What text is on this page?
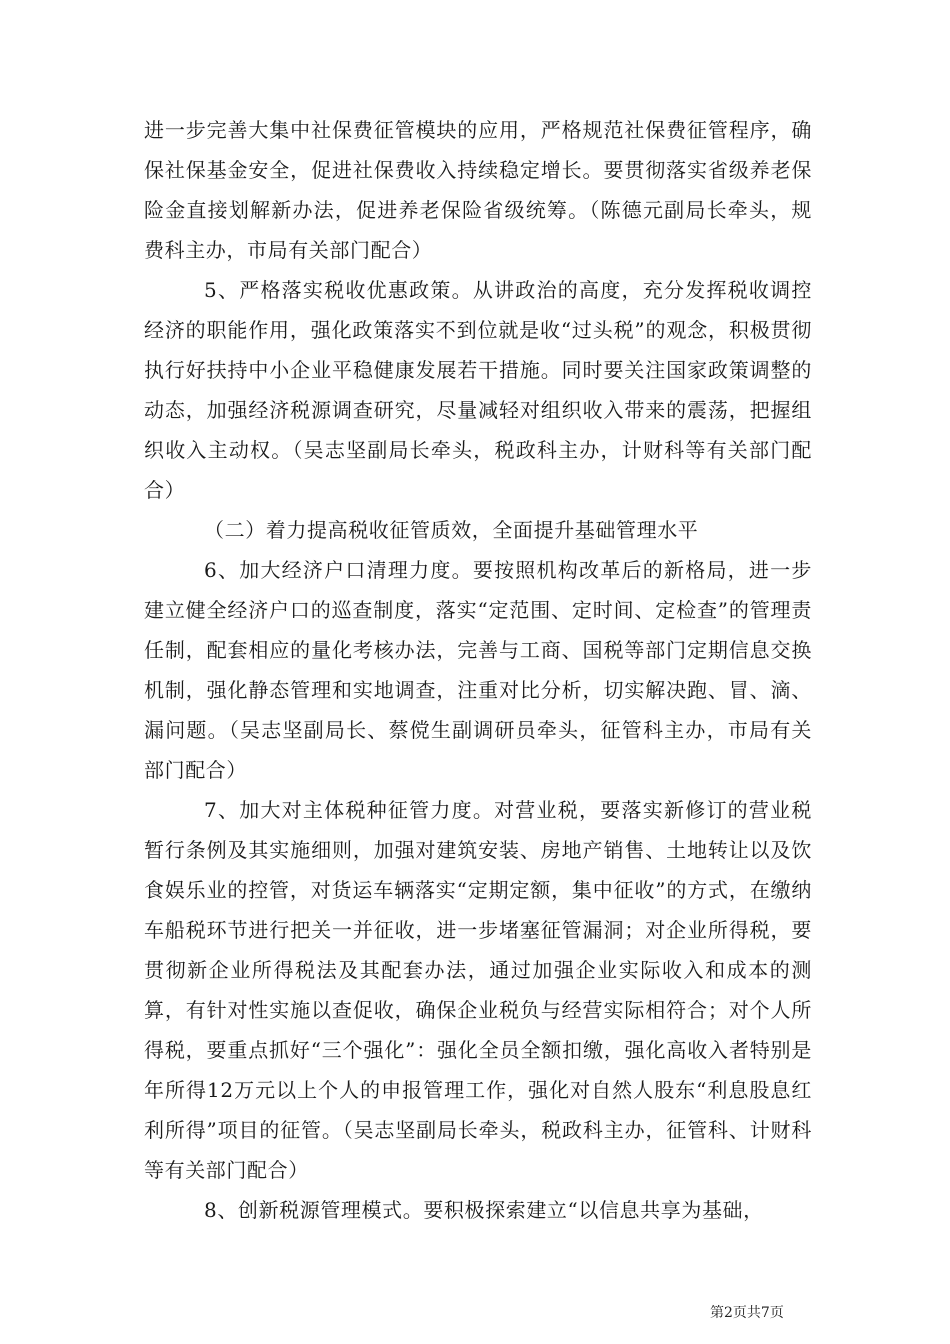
进一步完善大集中社保费征管模块的应用，严格规范社保费征管程序，确保社保基金安全，促进社保费收入持续稳定增长。要贯彻落实省级养老保险金直接划解新办法，促进养老保险省级统筹。（陈德元副局长牵头，规费科主办，市局有关部门配合）

5、严格落实税收优惠政策。从讲政治的高度，充分发挥税收调控经济的职能作用，强化政策落实不到位就是收“过头税”的观念，积极贯彻执行好扶持中小企业平稳健康发展若干措施。同时要关注国家政策调整的动态，加强经济税源调查研究，尽量减轻对组织收入带来的震荡，把握组织收入主动权。（吴志坚副局长牵头，税政科主办，计财科等有关部门配合）

（二）着力提高税收征管质效，全面提升基础管理水平

6、加大经济户口清理力度。要按照机构改革后的新格局，进一步建立健全经济户口的巡查制度，落实“定范围、定时间、定检查”的管理责任制，配套相应的量化考核办法，完善与工商、国税等部门定期信息交换机制，强化静态管理和实地调查，注重对比分析，切实解决跑、冒、滴、漏问题。（吴志坚副局长、蔡傥生副调研员牵头，征管科主办，市局有关部门配合）

7、加大对主体税种征管力度。对营业税，要落实新修订的营业税暂行条例及其实施细则，加强对建筑安装、房地产销售、土地转让以及饮食娱乐业的控管，对货运车辆落实“定期定额，集中征收”的方式，在缴纳车船税环节进行把关一并征收，进一步堵塞征管漏洞；对企业所得税，要贯彻新企业所得税法及其配套办法，通过加强企业实际收入和成本的测算，有针对性实施以查促收，确保企业税负与经营实际相符合；对个人所得税，要重点抓好“三个强化”：强化全员全额扣缴，强化高收入者特别是年所得12万元以上个人的申报管理工作，强化对自然人股东“利息股息红利所得”项目的征管。（吴志坚副局长牵头，税政科主办，征管科、计财科等有关部门配合）

8、创新税源管理模式。要积极探索建立“以信息共享为基础，

第2页共7页
